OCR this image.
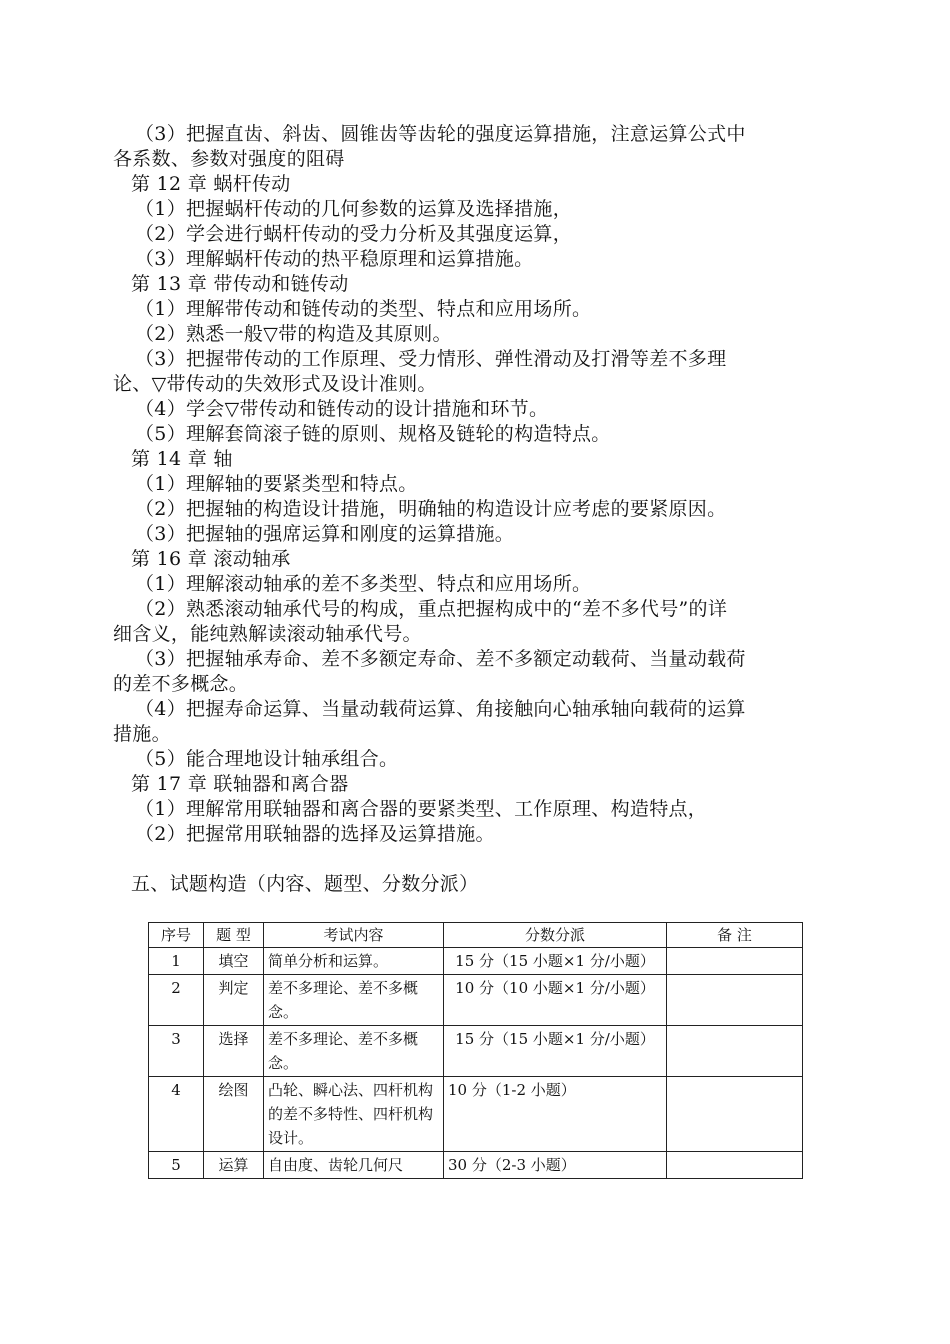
（3）把握直齿、斜齿、圆锥齿等齿轮的强度运算措施，注意运算公式中
各系数、参数对强度的阻碍
第 12 章 蜗杆传动
（1）把握蜗杆传动的几何参数的运算及选择措施，
（2）学会进行蜗杆传动的受力分析及其强度运算，
（3）理解蜗杆传动的热平稳原理和运算措施。
第 13 章 带传动和链传动
（1）理解带传动和链传动的类型、特点和应用场所。
（2）熟悉一般▽带的构造及其原则。
（3）把握带传动的工作原理、受力情形、弹性滑动及打滑等差不多理
论、▽带传动的失效形式及设计准则。
（4）学会▽带传动和链传动的设计措施和环节。
（5）理解套筒滚子链的原则、规格及链轮的构造特点。
第 14 章 轴
（1）理解轴的要紧类型和特点。
（2）把握轴的构造设计措施，明确轴的构造设计应考虑的要紧原因。
（3）把握轴的强席运算和刚度的运算措施。
第 16 章 滚动轴承
（1）理解滚动轴承的差不多类型、特点和应用场所。
（2）熟悉滚动轴承代号的构成，重点把握构成中的“差不多代号”的详
细含义，能纯熟解读滚动轴承代号。
（3）把握轴承寿命、差不多额定寿命、差不多额定动载荷、当量动载荷
的差不多概念。
（4）把握寿命运算、当量动载荷运算、角接触向心轴承轴向载荷的运算
措施。
（5）能合理地设计轴承组合。
第 17 章 联轴器和离合器
（1）理解常用联轴器和离合器的要紧类型、工作原理、构造特点，
（2）把握常用联轴器的选择及运算措施。
五、试题构造（内容、题型、分数分派）
序号	题 型	考试内容	分数分派	备 注
1	填空	简单分析和运算。	15 分（15 小题×1 分/小题）	
2	判定	差不多理论、差不多概念。	10 分（10 小题×1 分/小题）	
3	选择	差不多理论、差不多概念。	15 分（15 小题×1 分/小题）	
4	绘图	凸轮、瞬心法、四杆机构的差不多特性、四杆机构设计。	10 分（1-2 小题）	
5	运算	自由度、齿轮几何尺	30 分（2-3 小题）	
